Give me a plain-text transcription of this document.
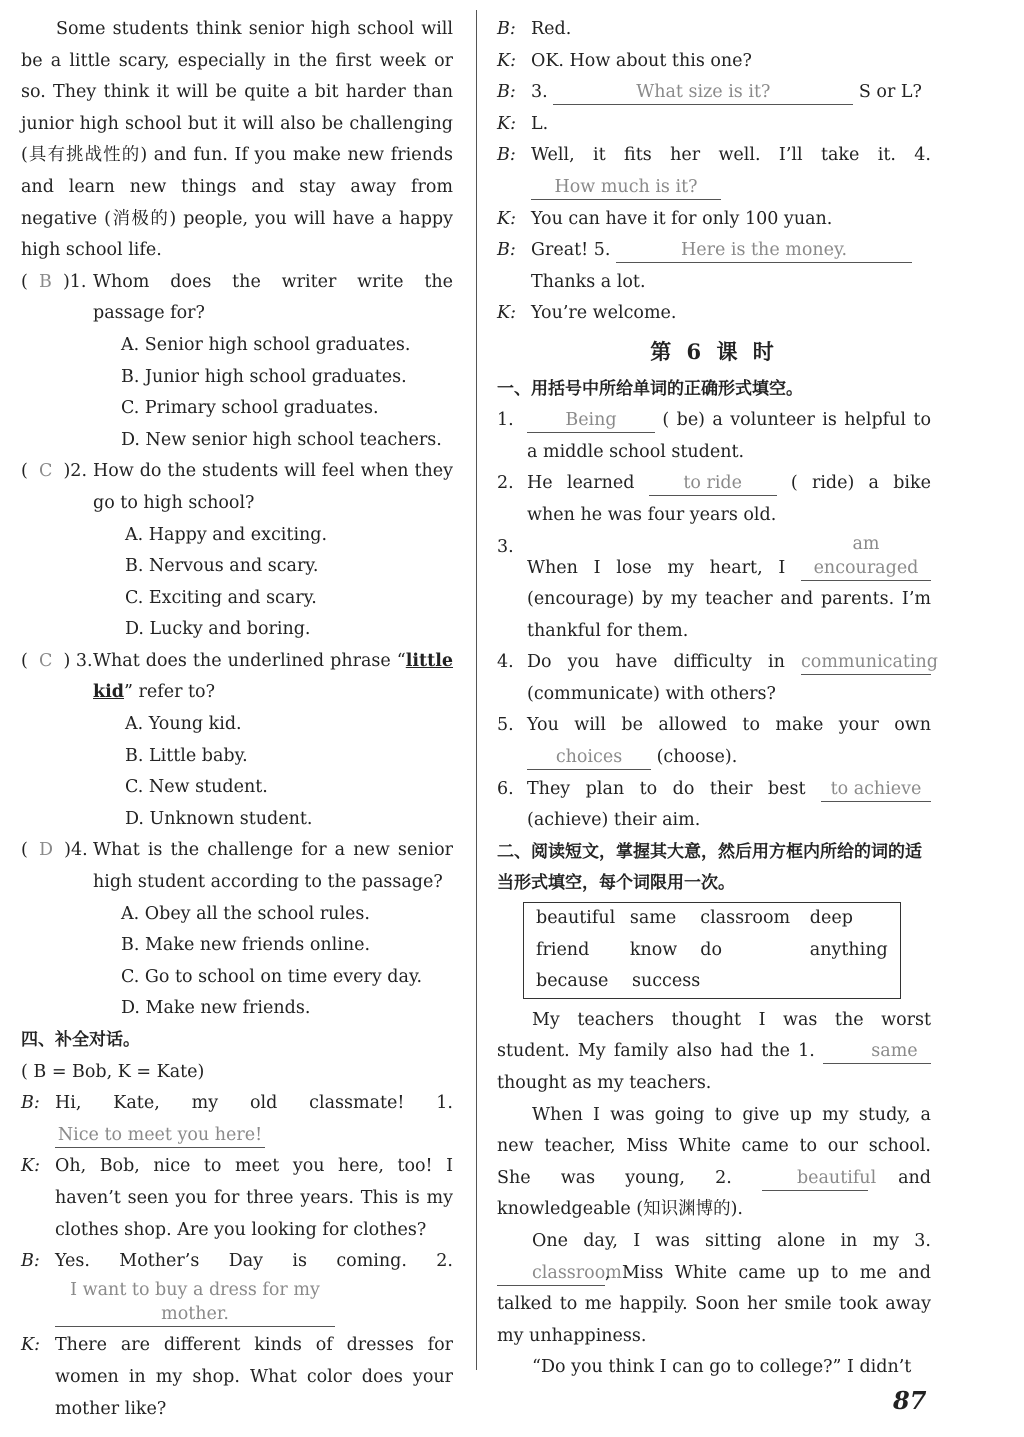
Some students think senior high school will be a little scary, especially in the first week or so. They think it will be quite a bit harder than junior high school but it will also be challenging (具有挑战性的) and fun. If you make new friends and learn new things and stay away from negative (消极的) people, you will have a happy high school life.

(  B )1. Whom does the writer write the passage for?

A. Senior high school graduates.

B. Junior high school graduates.

C. Primary school graduates.

D. New senior high school teachers.

(  C )2. How do the students will feel when they go to high school?

A. Happy and exciting.

B. Nervous and scary.

C. Exciting and scary.

D. Lucky and boring.

(  C ) 3. What does the underlined phrase “little kid” refer to?

A. Young kid.

B. Little baby.

C. New student.

D. Unknown student.

(  D )4. What is the challenge for a new senior high student according to the passage?

A. Obey all the school rules.

B. Make new friends online.

C. Go to school on time every day.

D. Make new friends.

四、补全对话。

( B = Bob, K = Kate)

B: Hi, Kate, my old classmate! 1. Nice to meet you here!
K: Oh, Bob, nice to meet you here, too! I haven’t seen you for three years. This is my clothes shop. Are you looking for clothes?
B: Yes. Mother’s Day is coming. 2. I want to buy a dress for my mother.
K: There are different kinds of dresses for women in my shop. What color does your mother like?
B: Red.
K: OK. How about this one?
B: 3.	What size is it?	S or L?
K: L.
B: Well, it fits her well. I’ll take it. 4. How much is it?
K: You can have it for only 100 yuan.
B: Great! 5.	Here is the money.
Thanks a lot.
K: You’re welcome.

第 6 课 时

一、用括号中所给单词的正确形式填空。

1.	Being	( be) a volunteer is helpful to a middle school student.
2. He learned	to ride	( ride) a bike when he was four years old.
3.
When I lose my heart, I am encouraged (encourage) by my teacher and parents. I’m thankful for them.
4. Do you have difficulty in communicating (communicate) with others?
5. You will be allowed to make your own choices (choose).
6. They plan to do their best to achieve (achieve) their aim.

二、阅读短文，掌握其大意，然后用方框内所给的词的适当形式填空，每个词限用一次。

beautiful same	classroom	deep
friend	know	do	anything
because	success

My teachers thought I was the worst student. My family also had the 1.	same thought as my teachers.

When I was going to give up my study, a new teacher, Miss White came to our school. She was young, 2.	beautiful and knowledgeable (知识渊博的).

One day, I was sitting alone in my 3. classroom, Miss White came up to me and talked to me happily. Soon her smile took away my unhappiness.

“Do you think I can go to college?” I didn’t

87
